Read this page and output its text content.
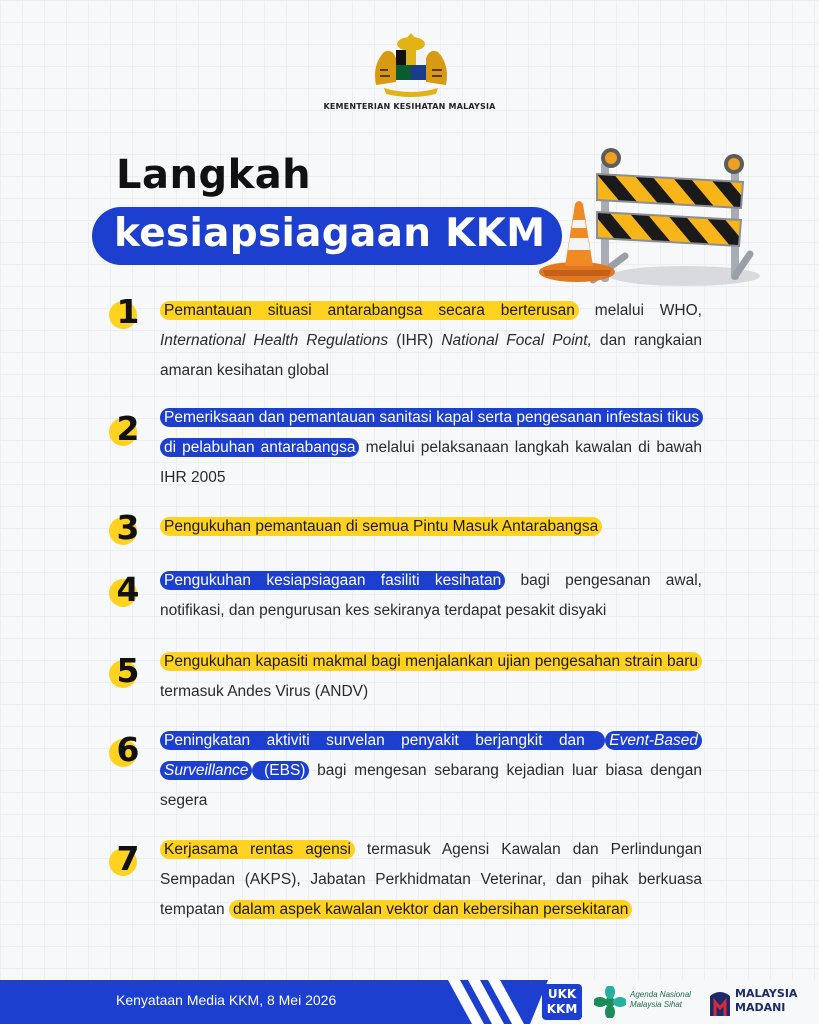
KEMENTERIAN KESIHATAN MALAYSIA
Langkah
kesiapsiagaan KKM
1 Pemantauan situasi antarabangsa secara berterusan melalui WHO, International Health Regulations (IHR) National Focal Point, dan rangkaian amaran kesihatan global
2 Pemeriksaan dan pemantauan sanitasi kapal serta pengesanan infestasi tikus di pelabuhan antarabangsa melalui pelaksanaan langkah kawalan di bawah IHR 2005
3 Pengukuhan pemantauan di semua Pintu Masuk Antarabangsa
4 Pengukuhan kesiapsiagaan fasiliti kesihatan bagi pengesanan awal, notifikasi, dan pengurusan kes sekiranya terdapat pesakit disyaki
5 Pengukuhan kapasiti makmal bagi menjalankan ujian pengesahan strain baru termasuk Andes Virus (ANDV)
6 Peningkatan aktiviti survelan penyakit berjangkit dan Event-Based Surveillance (EBS) bagi mengesan sebarang kejadian luar biasa dengan segera
7 Kerjasama rentas agensi termasuk Agensi Kawalan dan Perlindungan Sempadan (AKPS), Jabatan Perkhidmatan Veterinar, dan pihak berkuasa tempatan dalam aspek kawalan vektor dan kebersihan persekitaran
Kenyataan Media KKM, 8 Mei 2026	UKK
KKM
Agenda Nasional
Malaysia Sihat
MALAYSIA
MADANI
